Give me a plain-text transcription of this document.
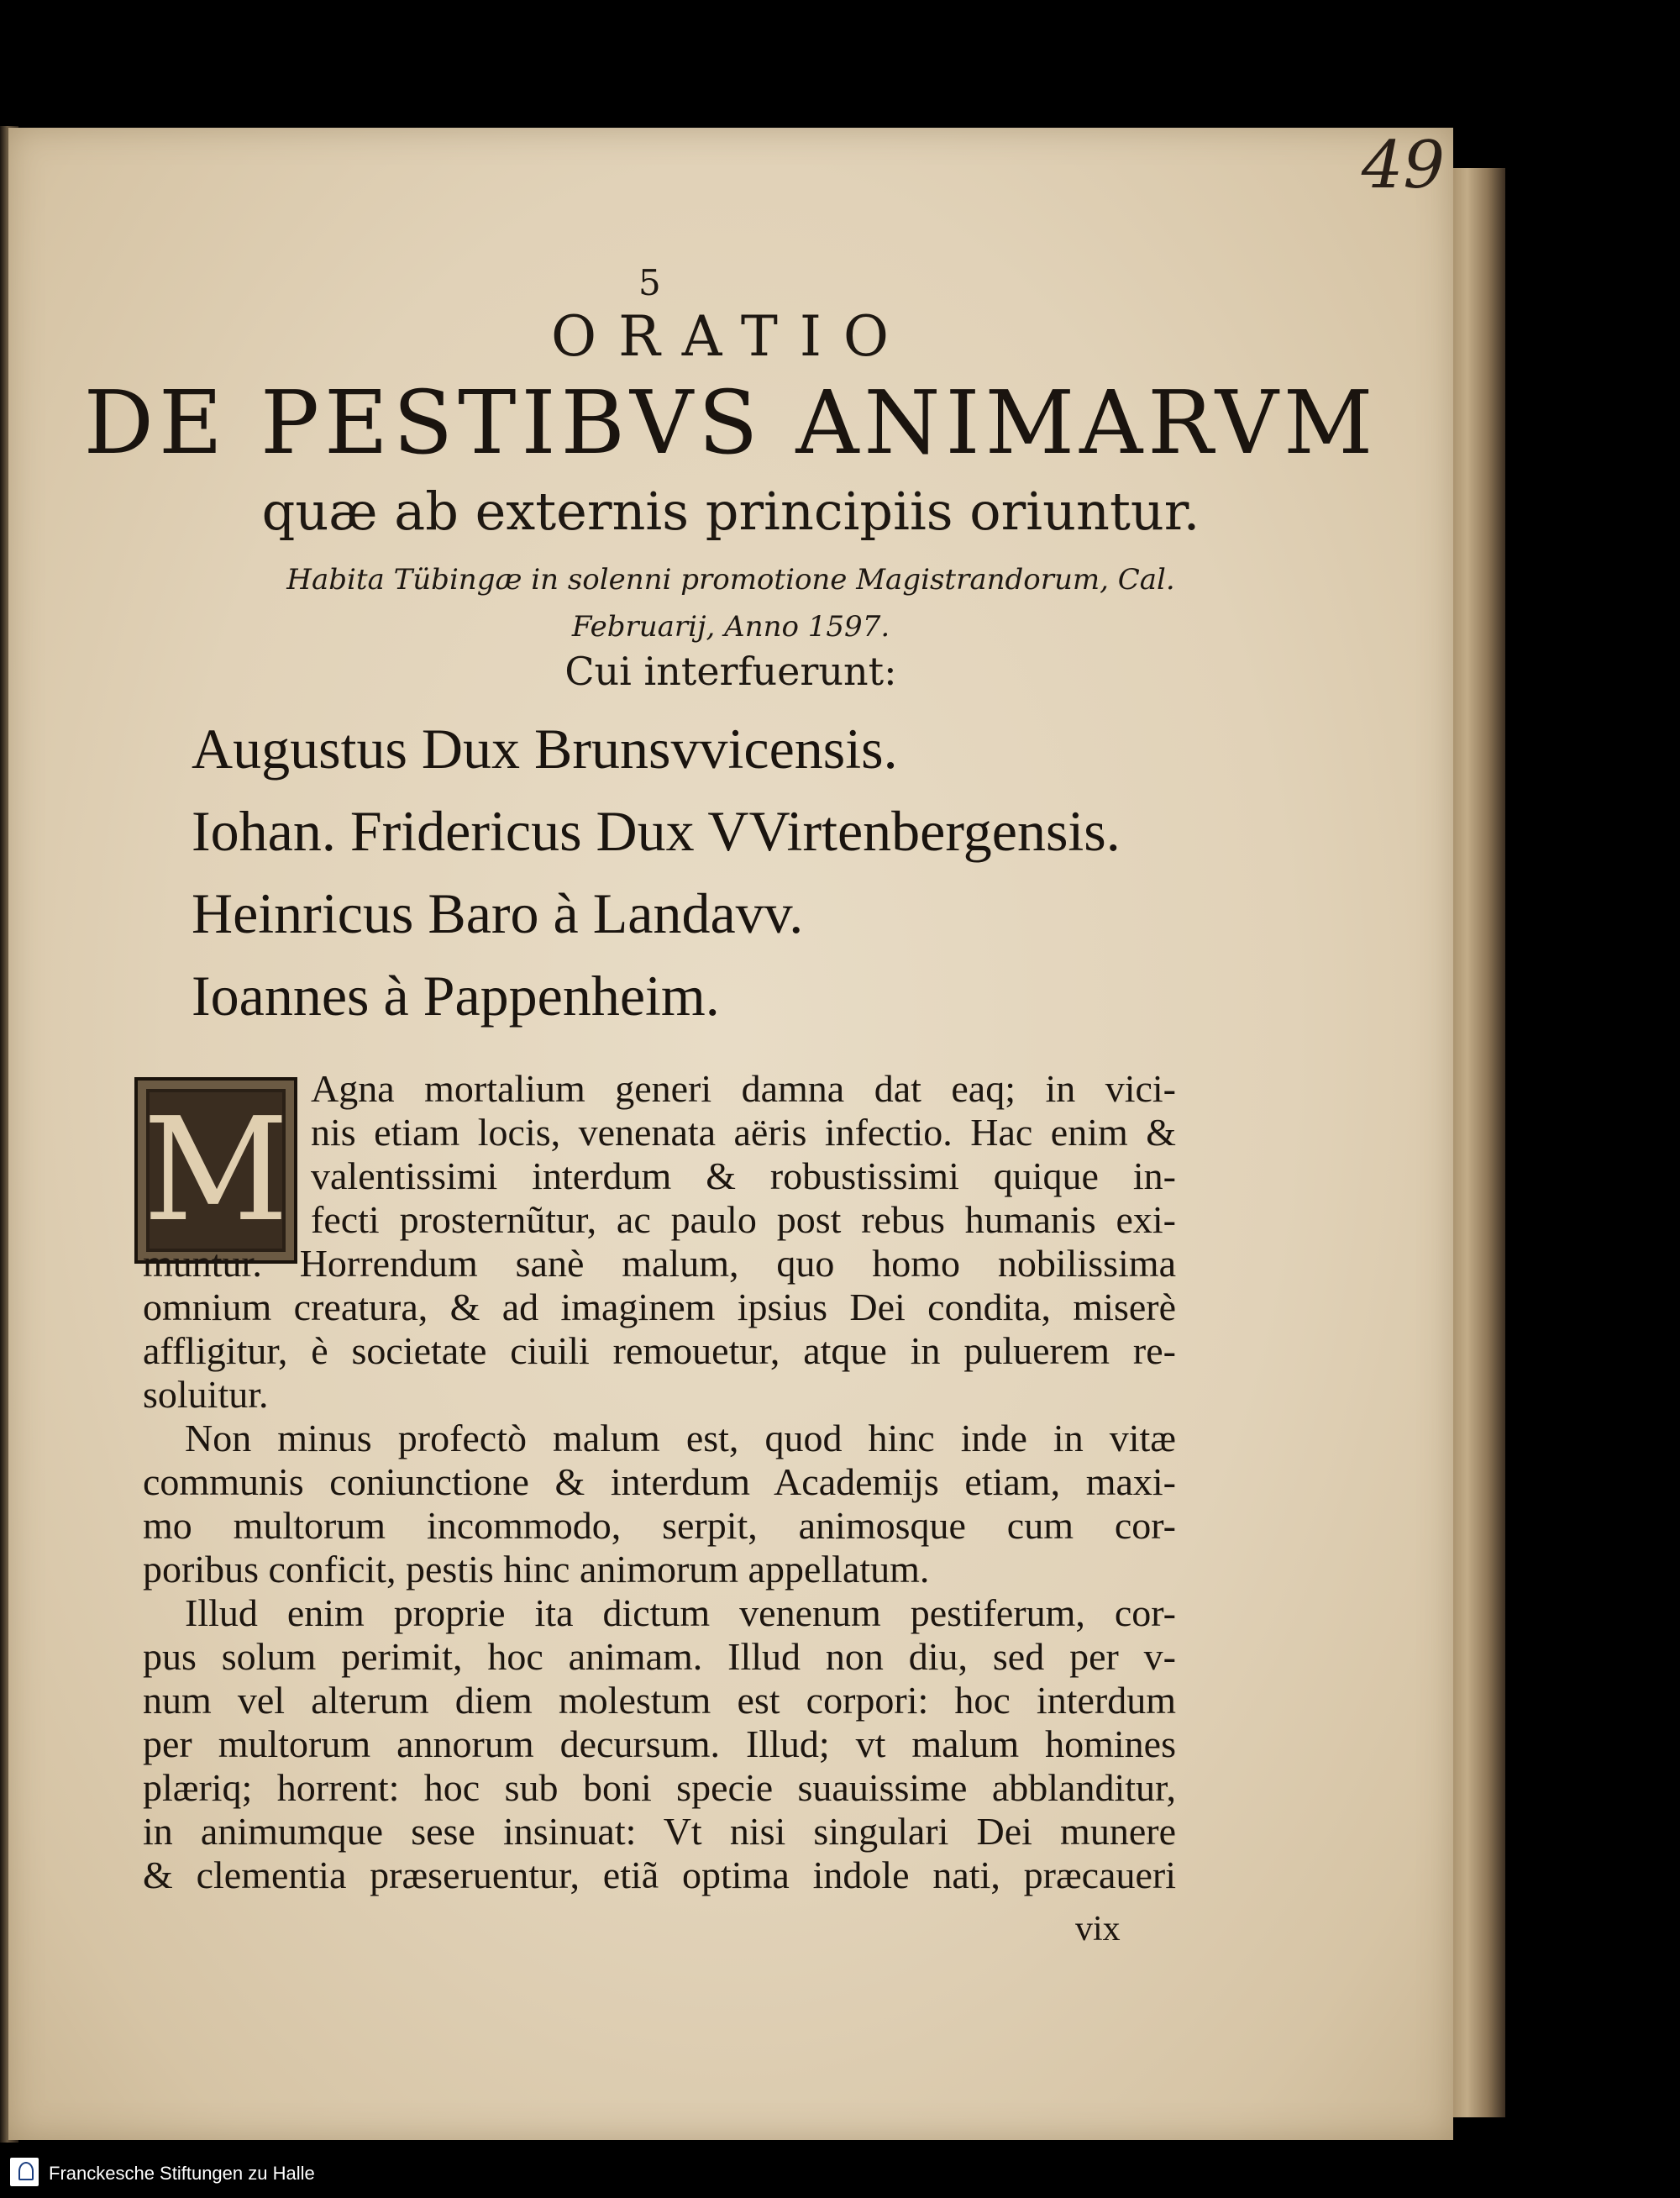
49
5
ORATIO
DE PESTIBVS ANIMARVM
quæ ab externis principiis oriuntur.
Habita Tübingæ in solenni promotione Magistrandorum, Cal.
Februarij, Anno 1597.
Cui interfuerunt:
Augustus Dux Brunsvvicensis.
Iohan. Fridericus Dux VVirtenbergensis.
Heinricus Baro à Landavv.
Ioannes à Pappenheim.
M Agna mortalium generi damna dat eaq; in vici-
nis etiam locis, venenata aëris infectio. Hac enim &
valentissimi interdum & robustissimi quique in-
fecti prosternũtur, ac paulo post rebus humanis exi-
muntur. Horrendum sanè malum, quo homo nobilissima
omnium creatura, & ad imaginem ipsius Dei condita, miserè
affligitur, è societate ciuili remouetur, atque in puluerem re-
soluitur.
Non minus profectò malum est, quod hinc inde in vitæ
communis coniunctione & interdum Academijs etiam, maxi-
mo multorum incommodo, serpit, animosque cum cor-
poribus conficit, pestis hinc animorum appellatum.
Illud enim proprie ita dictum venenum pestiferum, cor-
pus solum perimit, hoc animam. Illud non diu, sed per v-
num vel alterum diem molestum est corpori: hoc interdum
per multorum annorum decursum. Illud; vt malum homines
plæriq; horrent: hoc sub boni specie suauissime abblanditur,
in animumque sese insinuat: Vt nisi singulari Dei munere
& clementia præseruentur, etiã optima indole nati, præcaueri
vix
Franckesche Stiftungen zu Halle
